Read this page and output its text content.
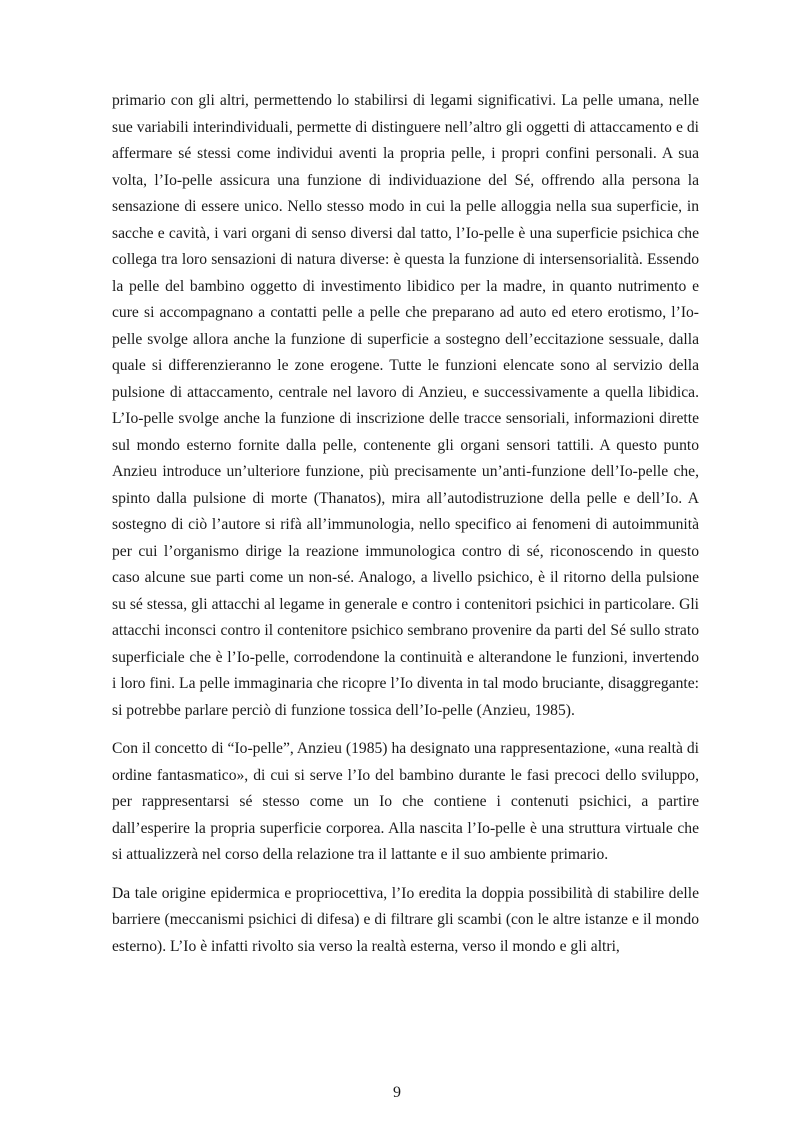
primario con gli altri, permettendo lo stabilirsi di legami significativi. La pelle umana, nelle sue variabili interindividuali, permette di distinguere nell’altro gli oggetti di attaccamento e di affermare sé stessi come individui aventi la propria pelle, i propri confini personali. A sua volta, l’Io-pelle assicura una funzione di individuazione del Sé, offrendo alla persona la sensazione di essere unico. Nello stesso modo in cui la pelle alloggia nella sua superficie, in sacche e cavità, i vari organi di senso diversi dal tatto, l’Io-pelle è una superficie psichica che collega tra loro sensazioni di natura diverse: è questa la funzione di intersensorialità. Essendo la pelle del bambino oggetto di investimento libidico per la madre, in quanto nutrimento e cure si accompagnano a contatti pelle a pelle che preparano ad auto ed etero erotismo, l’Io-pelle svolge allora anche la funzione di superficie a sostegno dell’eccitazione sessuale, dalla quale si differenzieranno le zone erogene. Tutte le funzioni elencate sono al servizio della pulsione di attaccamento, centrale nel lavoro di Anzieu, e successivamente a quella libidica. L’Io-pelle svolge anche la funzione di inscrizione delle tracce sensoriali, informazioni dirette sul mondo esterno fornite dalla pelle, contenente gli organi sensori tattili. A questo punto Anzieu introduce un’ulteriore funzione, più precisamente un’anti-funzione dell’Io-pelle che, spinto dalla pulsione di morte (Thanatos), mira all’autodistruzione della pelle e dell’Io. A sostegno di ciò l’autore si rifà all’immunologia, nello specifico ai fenomeni di autoimmunità per cui l’organismo dirige la reazione immunologica contro di sé, riconoscendo in questo caso alcune sue parti come un non-sé. Analogo, a livello psichico, è il ritorno della pulsione su sé stessa, gli attacchi al legame in generale e contro i contenitori psichici in particolare. Gli attacchi inconsci contro il contenitore psichico sembrano provenire da parti del Sé sullo strato superficiale che è l’Io-pelle, corrodendone la continuità e alterandone le funzioni, invertendo i loro fini. La pelle immaginaria che ricopre l’Io diventa in tal modo bruciante, disaggregante: si potrebbe parlare perciò di funzione tossica dell’Io-pelle (Anzieu, 1985).

Con il concetto di “Io-pelle”, Anzieu (1985) ha designato una rappresentazione, «una realtà di ordine fantasmatico», di cui si serve l’Io del bambino durante le fasi precoci dello sviluppo, per rappresentarsi sé stesso come un Io che contiene i contenuti psichici, a partire dall’esperire la propria superficie corporea. Alla nascita l’Io-pelle è una struttura virtuale che si attualizzerà nel corso della relazione tra il lattante e il suo ambiente primario.

Da tale origine epidermica e propriocettiva, l’Io eredita la doppia possibilità di stabilire delle barriere (meccanismi psichici di difesa) e di filtrare gli scambi (con le altre istanze e il mondo esterno). L’Io è infatti rivolto sia verso la realtà esterna, verso il mondo e gli altri,

9
